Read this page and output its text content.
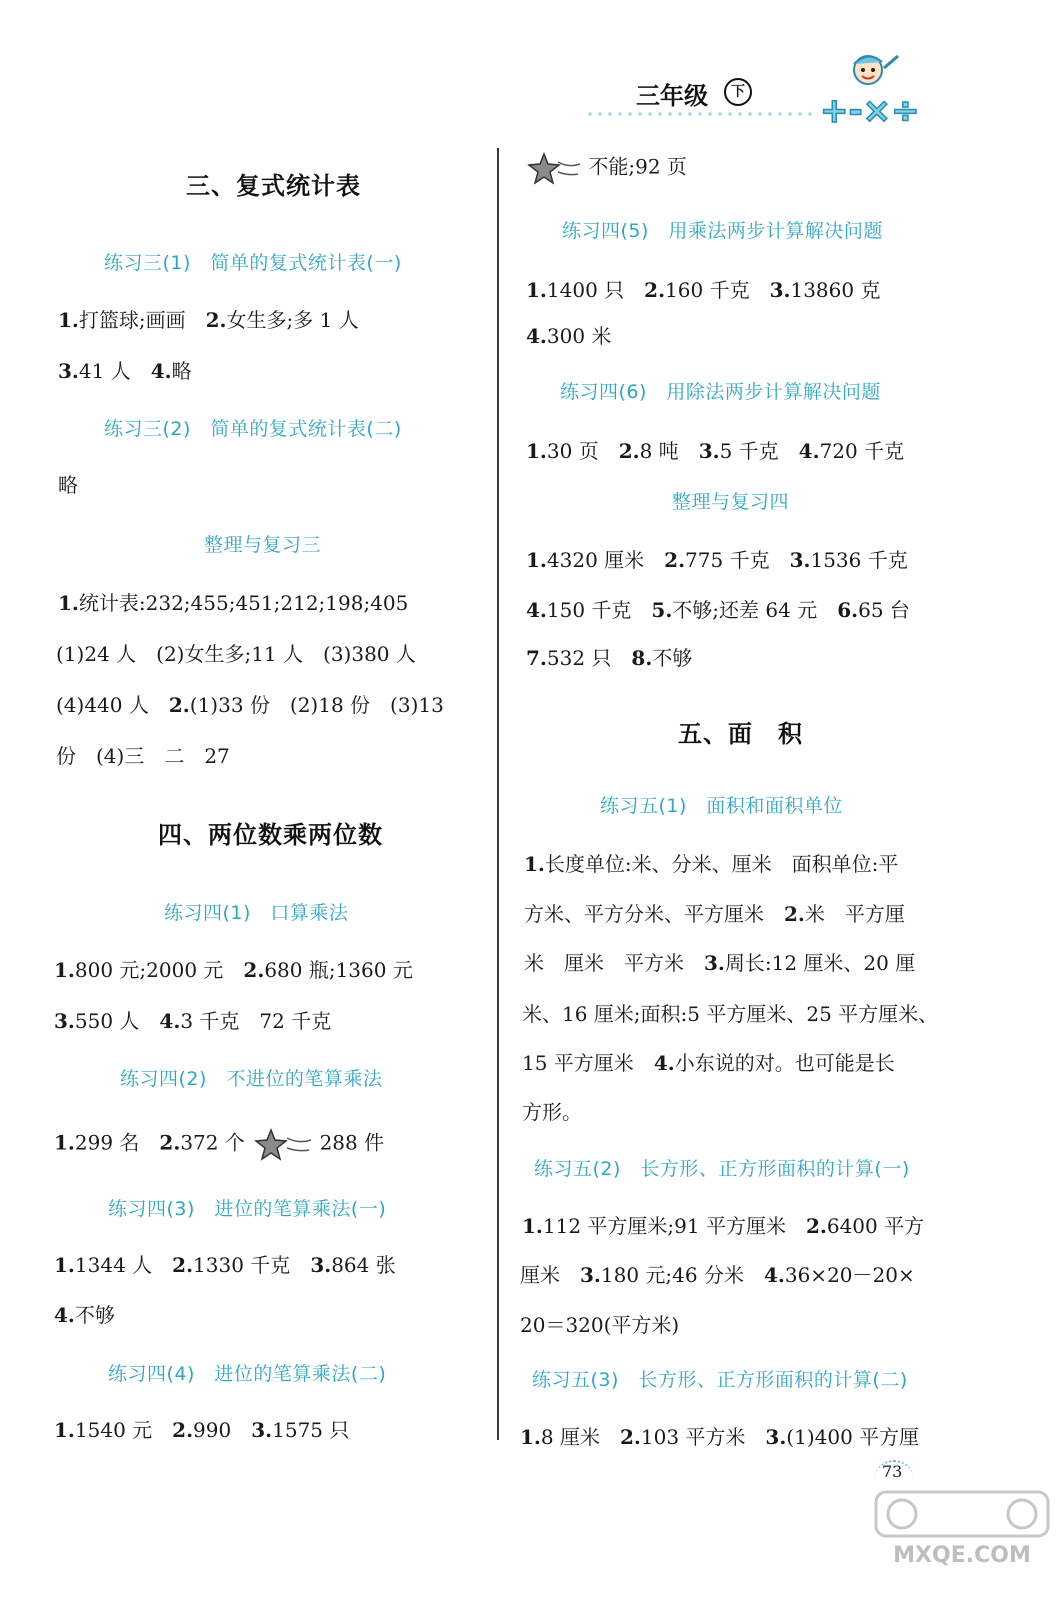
三年级	下 +-×÷
三、复式统计表
练习三(1)　简单的复式统计表(一)
1.打篮球;画画　2.女生多;多 1 人
3.41 人　4.略
练习三(2)　简单的复式统计表(二)
略
整理与复习三
1.统计表:232;455;451;212;198;405
(1)24 人　(2)女生多;11 人　(3)380 人
(4)440 人　2.(1)33 份　(2)18 份　(3)13
份　(4)三　二　27
四、两位数乘两位数
练习四(1)　口算乘法
1.800 元;2000 元　2.680 瓶;1360 元
3.550 人　4.3 千克　72 千克
练习四(2)　不进位的笔算乘法
1.299 名　2.372 个	288 件
练习四(3)　进位的笔算乘法(一)
1.1344 人　2.1330 千克　3.864 张
4.不够
练习四(4)　进位的笔算乘法(二)
1.1540 元　2.990　3.1575 只
不能;92 页
练习四(5)　用乘法两步计算解决问题
1.1400 只　2.160 千克　3.13860 克
4.300 米
练习四(6)　用除法两步计算解决问题
1.30 页　2.8 吨　3.5 千克　4.720 千克
整理与复习四
1.4320 厘米　2.775 千克　3.1536 千克
4.150 千克　5.不够;还差 64 元　6.65 台
7.532 只　8.不够
五、面　积
练习五(1)　面积和面积单位
1.长度单位:米、分米、厘米　面积单位:平
方米、平方分米、平方厘米　2.米　平方厘
米　厘米　平方米　3.周长:12 厘米、20 厘
米、16 厘米;面积:5 平方厘米、25 平方厘米、
15 平方厘米　4.小东说的对。也可能是长
方形。
练习五(2)　长方形、正方形面积的计算(一)
1.112 平方厘米;91 平方厘米　2.6400 平方
厘米　3.180 元;46 分米　4.36×20－20×
20＝320(平方米)
练习五(3)　长方形、正方形面积的计算(二)
1.8 厘米　2.103 平方米　3.(1)400 平方厘
73
MXQE.COM
